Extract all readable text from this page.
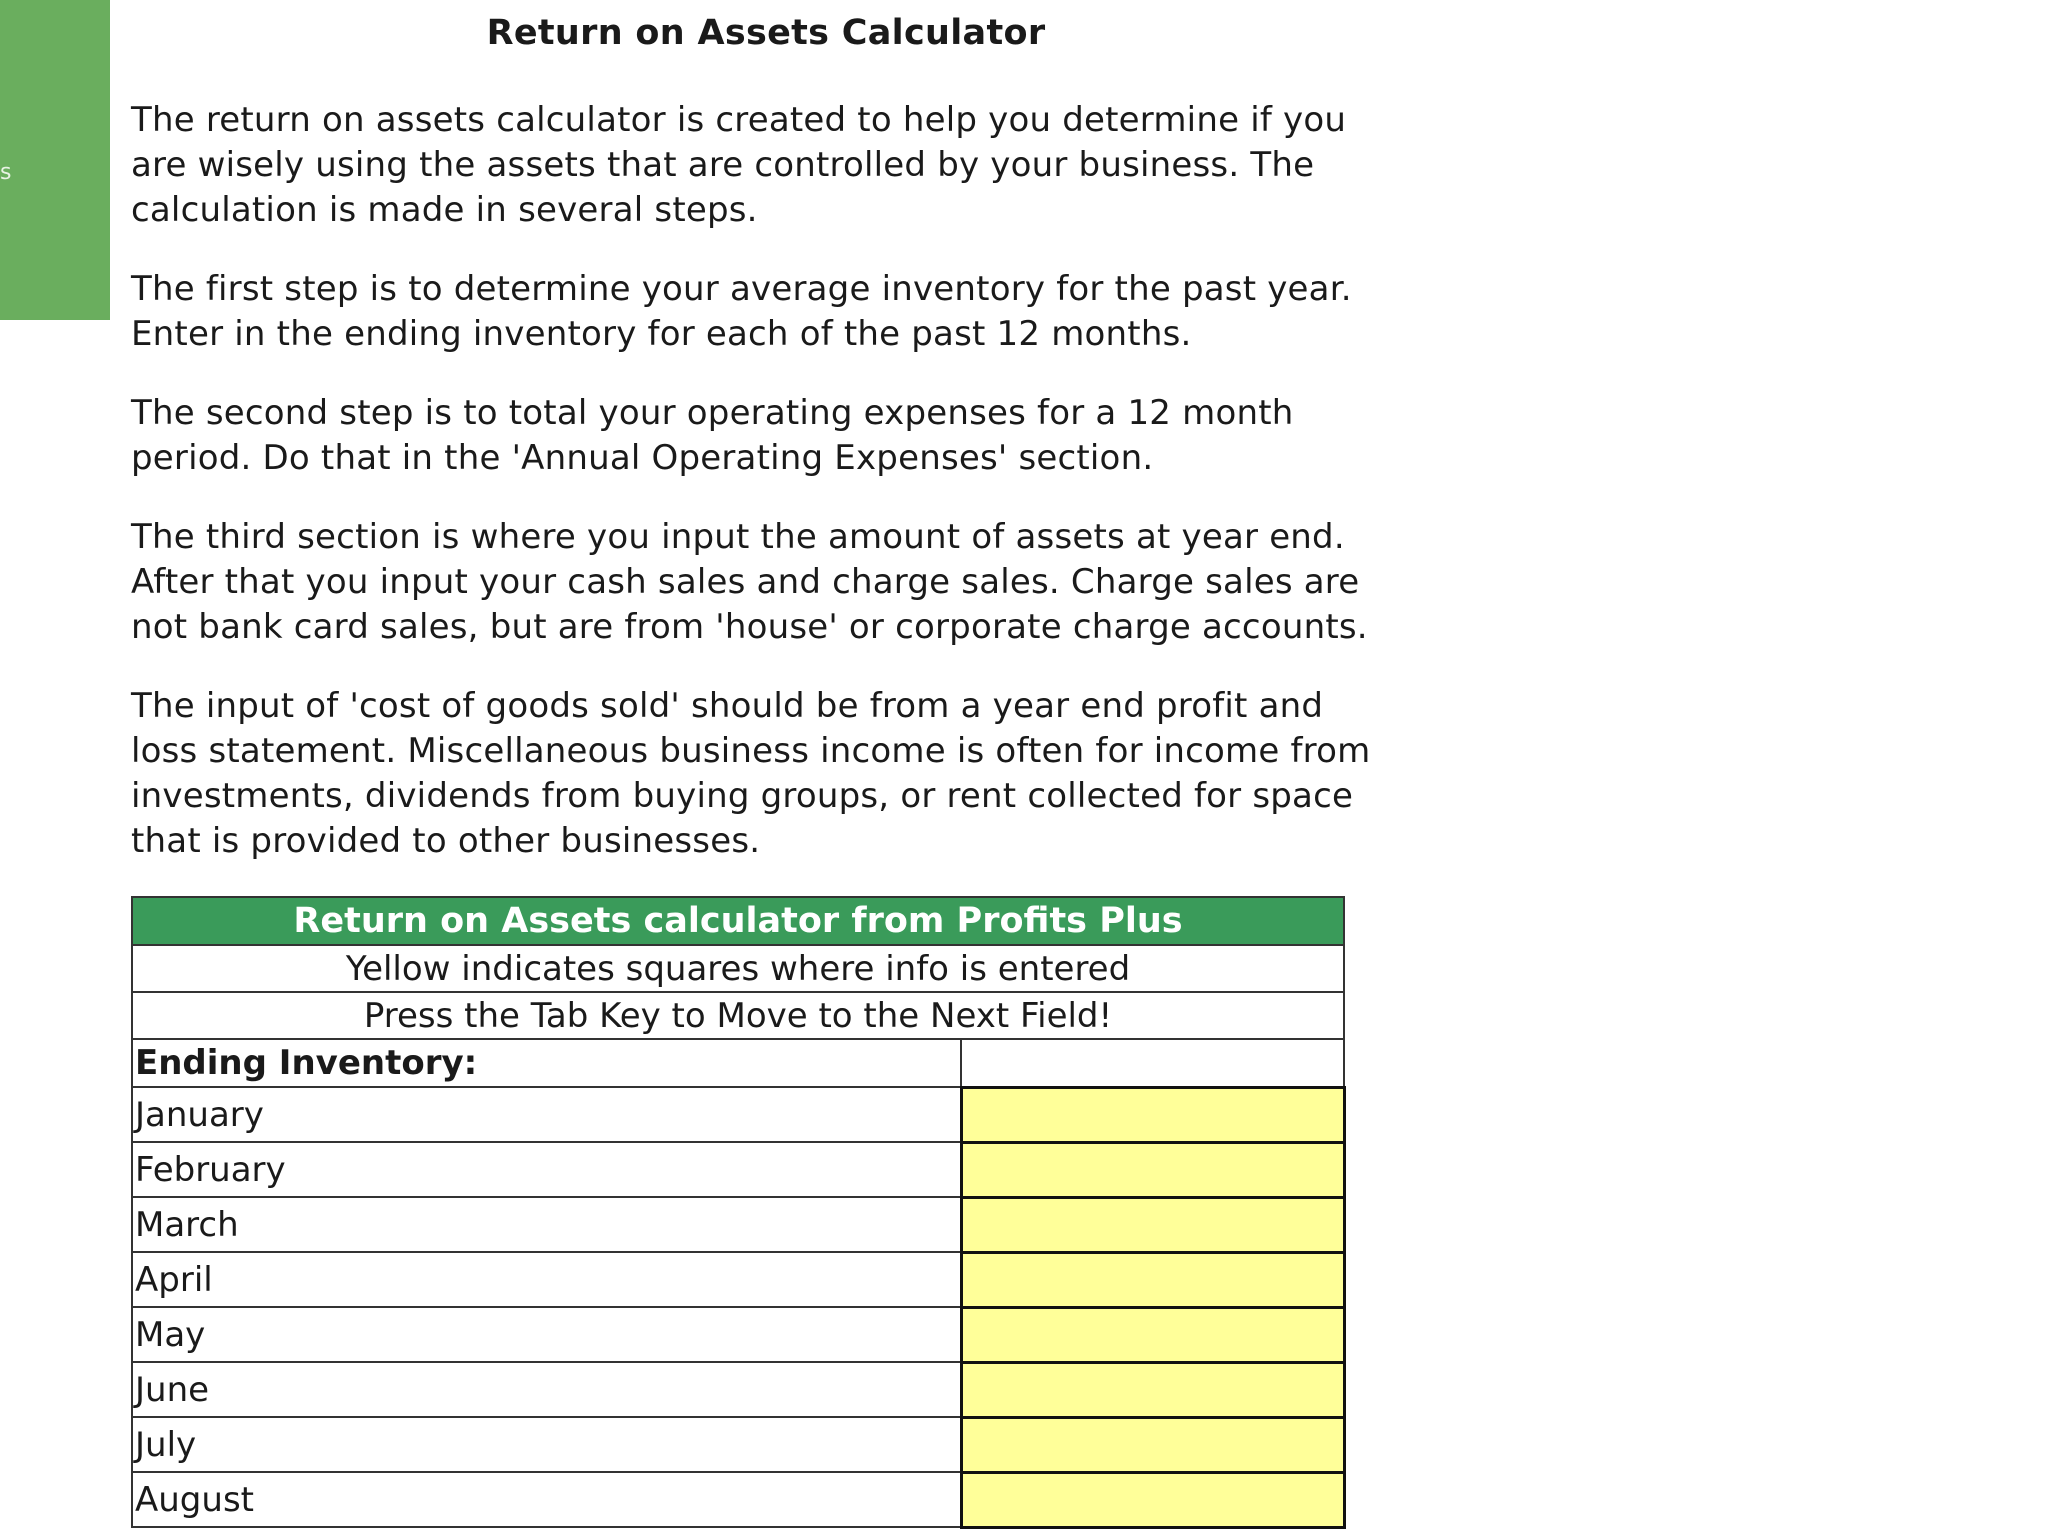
s
Return on Assets Calculator

The return on assets calculator is created to help you determine if you are wisely using the assets that are controlled by your business. The calculation is made in several steps.

The first step is to determine your average inventory for the past year. Enter in the ending inventory for each of the past 12 months.

The second step is to total your operating expenses for a 12 month period. Do that in the 'Annual Operating Expenses' section.

The third section is where you input the amount of assets at year end. After that you input your cash sales and charge sales. Charge sales are not bank card sales, but are from 'house' or corporate charge accounts.

The input of 'cost of goods sold' should be from a year end profit and loss statement. Miscellaneous business income is often for income from investments, dividends from buying groups, or rent collected for space that is provided to other businesses.

Return on Assets calculator from Profits Plus	
Yellow indicates squares where info is entered	
Press the Tab Key to Move to the Next Field!	
Ending Inventory:	
January	
February	
March	
April	
May	
June	
July	
August	
